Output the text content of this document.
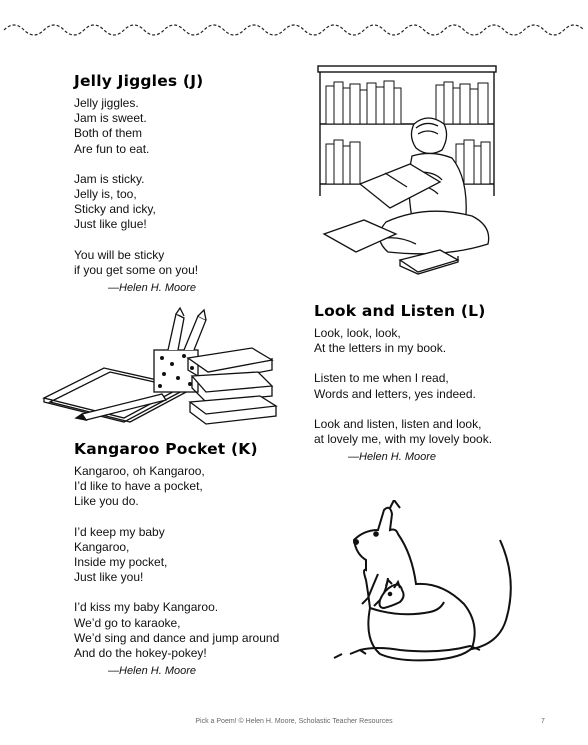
Jelly Jiggles (J)
Jelly jiggles.
Jam is sweet.
Both of them
Are fun to eat.
Jam is sticky.
Jelly is, too,
Sticky and icky,
Just like glue!
You will be sticky
if you get some on you!
—Helen H. Moore
Look and Listen (L)
Look, look, look,
At the letters in my book.
Listen to me when I read,
Words and letters, yes indeed.
Look and listen, listen and look,
at lovely me, with my lovely book.
—Helen H. Moore
Kangaroo Pocket (K)
Kangaroo, oh Kangaroo,
I’d like to have a pocket,
Like you do.
I’d keep my baby
Kangaroo,
Inside my pocket,
Just like you!
I’d kiss my baby Kangaroo.
We’d go to karaoke,
We’d sing and dance and jump around
And do the hokey-pokey!
—Helen H. Moore
Pick a Poem! © Helen H. Moore, Scholastic Teacher Resources	7
